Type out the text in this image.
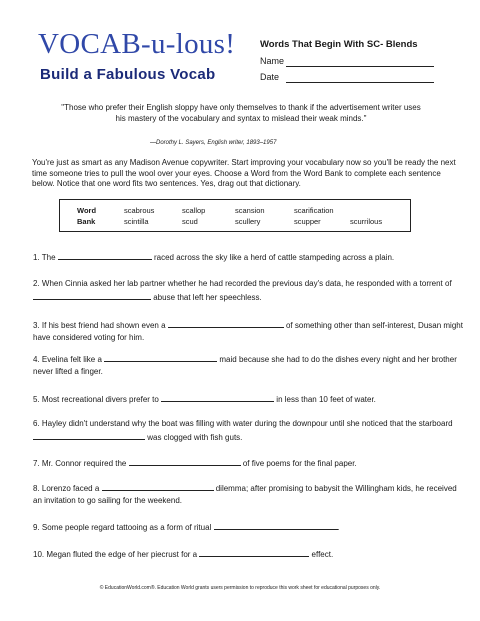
VOCAB-u-lous!
Build a Fabulous Vocab
Words That Begin With SC- Blends
Name
Date
"Those who prefer their English sloppy have only themselves to thank if the advertisement writer uses his mastery of the vocabulary and syntax to mislead their weak minds."
—Dorothy L. Sayers, English writer, 1893–1957
You're just as smart as any Madison Avenue copywriter. Start improving your vocabulary now so you'll be ready the next time someone tries to pull the wool over your eyes. Choose a Word from the Word Bank to complete each sentence below. Notice that one word fits two sentences. Yes, drag out that dictionary.
Word
Bank
scabrous	scallop	scansion	scarification
scintilla	scud	scullery	scupper	scurrilous
1. The	raced across the sky like a herd of cattle stampeding across a plain.
2. When Cinnia asked her lab partner whether he had recorded the previous day's data, he responded with a torrent of  abuse that left her speechless.
3. If his best friend had shown even a	of something other than self-interest, Dusan might have considered voting for him.
4. Evelina felt like a	maid because she had to do the dishes every night and her brother never lifted a finger.
5. Most recreational divers prefer to	in less than 10 feet of water.
6. Hayley didn't understand why the boat was filling with water during the downpour until she noticed that the starboard  was clogged with fish guts.
7. Mr. Connor required the	of five poems for the final paper.
8. Lorenzo faced a	dilemma; after promising to babysit the Willingham kids, he received an invitation to go sailing for the weekend.
9. Some people regard tattooing as a form of ritual	.
10. Megan fluted the edge of her piecrust for a	effect.
© EducationWorld.com®. Education World grants users permission to reproduce this work sheet for educational purposes only.
